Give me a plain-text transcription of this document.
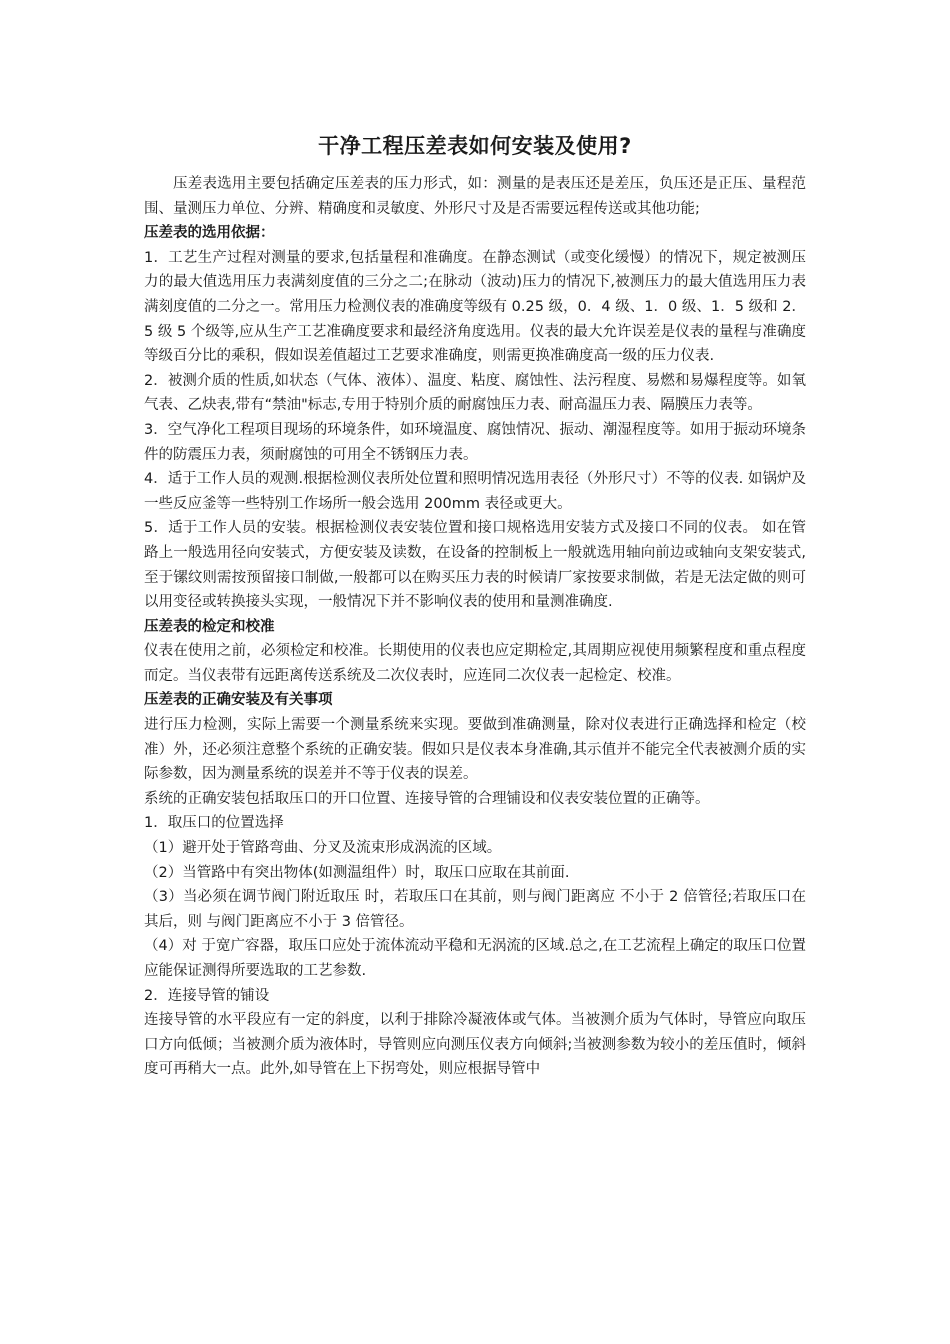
干净工程压差表如何安装及使用?

压差表选用主要包括确定压差表的压力形式，如：测量的是表压还是差压，负压还是正压、量程范围、量测压力单位、分辨、精确度和灵敏度、外形尺寸及是否需要远程传送或其他功能;

压差表的选用依据：

1．工艺生产过程对测量的要求,包括量程和准确度。在静态测试（或变化缓慢）的情况下，规定被测压力的最大值选用压力表满刻度值的三分之二;在脉动（波动)压力的情况下,被测压力的最大值选用压力表满刻度值的二分之一。常用压力检测仪表的准确度等级有 0.25 级，0．4 级、1．0 级、1．5 级和 2．5 级 5 个级等,应从生产工艺准确度要求和最经济角度选用。仪表的最大允许误差是仪表的量程与准确度等级百分比的乘积，假如误差值超过工艺要求准确度，则需更换准确度高一级的压力仪表.

2．被测介质的性质,如状态（气体、液体）、温度、粘度、腐蚀性、法污程度、易燃和易爆程度等。如氧气表、乙炔表,带有“禁油"标志,专用于特别介质的耐腐蚀压力表、耐高温压力表、隔膜压力表等。

3．空气净化工程项目现场的环境条件，如环境温度、腐蚀情况、振动、潮湿程度等。如用于振动环境条件的防震压力表，须耐腐蚀的可用全不锈钢压力表。

4．适于工作人员的观测.根据检测仪表所处位置和照明情况选用表径（外形尺寸）不等的仪表. 如锅炉及一些反应釜等一些特别工作场所一般会选用 200mm 表径或更大。

5．适于工作人员的安装。根据检测仪表安装位置和接口规格选用安装方式及接口不同的仪表。 如在管路上一般选用径向安装式，方便安装及读数，在设备的控制板上一般就选用轴向前边或轴向支架安装式,至于镙纹则需按预留接口制做,一般都可以在购买压力表的时候请厂家按要求制做，若是无法定做的则可以用变径或转换接头实现，一般情况下并不影响仪表的使用和量测准确度.

压差表的检定和校准

仪表在使用之前，必须检定和校准。长期使用的仪表也应定期检定,其周期应视使用频繁程度和重点程度而定。当仪表带有远距离传送系统及二次仪表时，应连同二次仪表一起检定、校准。

压差表的正确安装及有关事项

进行压力检测，实际上需要一个测量系统来实现。要做到准确测量，除对仪表进行正确选择和检定（校准）外，还必须注意整个系统的正确安装。假如只是仪表本身准确,其示值并不能完全代表被测介质的实际参数，因为测量系统的误差并不等于仪表的误差。

系统的正确安装包括取压口的开口位置、连接导管的合理铺设和仪表安装位置的正确等。

1．取压口的位置选择

（1）避开处于管路弯曲、分叉及流束形成涡流的区域。

（2）当管路中有突出物体(如测温组件）时，取压口应取在其前面.

（3）当必须在调节阀门附近取压 时，若取压口在其前，则与阀门距离应 不小于 2 倍管径;若取压口在其后，则 与阀门距离应不小于 3 倍管径。

（4）对 于宽广容器，取压口应处于流体流动平稳和无涡流的区域.总之,在工艺流程上确定的取压口位置应能保证测得所要选取的工艺参数.

2．连接导管的铺设

连接导管的水平段应有一定的斜度，以利于排除冷凝液体或气体。当被测介质为气体时，导管应向取压口方向低倾；当被测介质为液体时，导管则应向测压仪表方向倾斜;当被测参数为较小的差压值时，倾斜度可再稍大一点。此外,如导管在上下拐弯处，则应根据导管中
